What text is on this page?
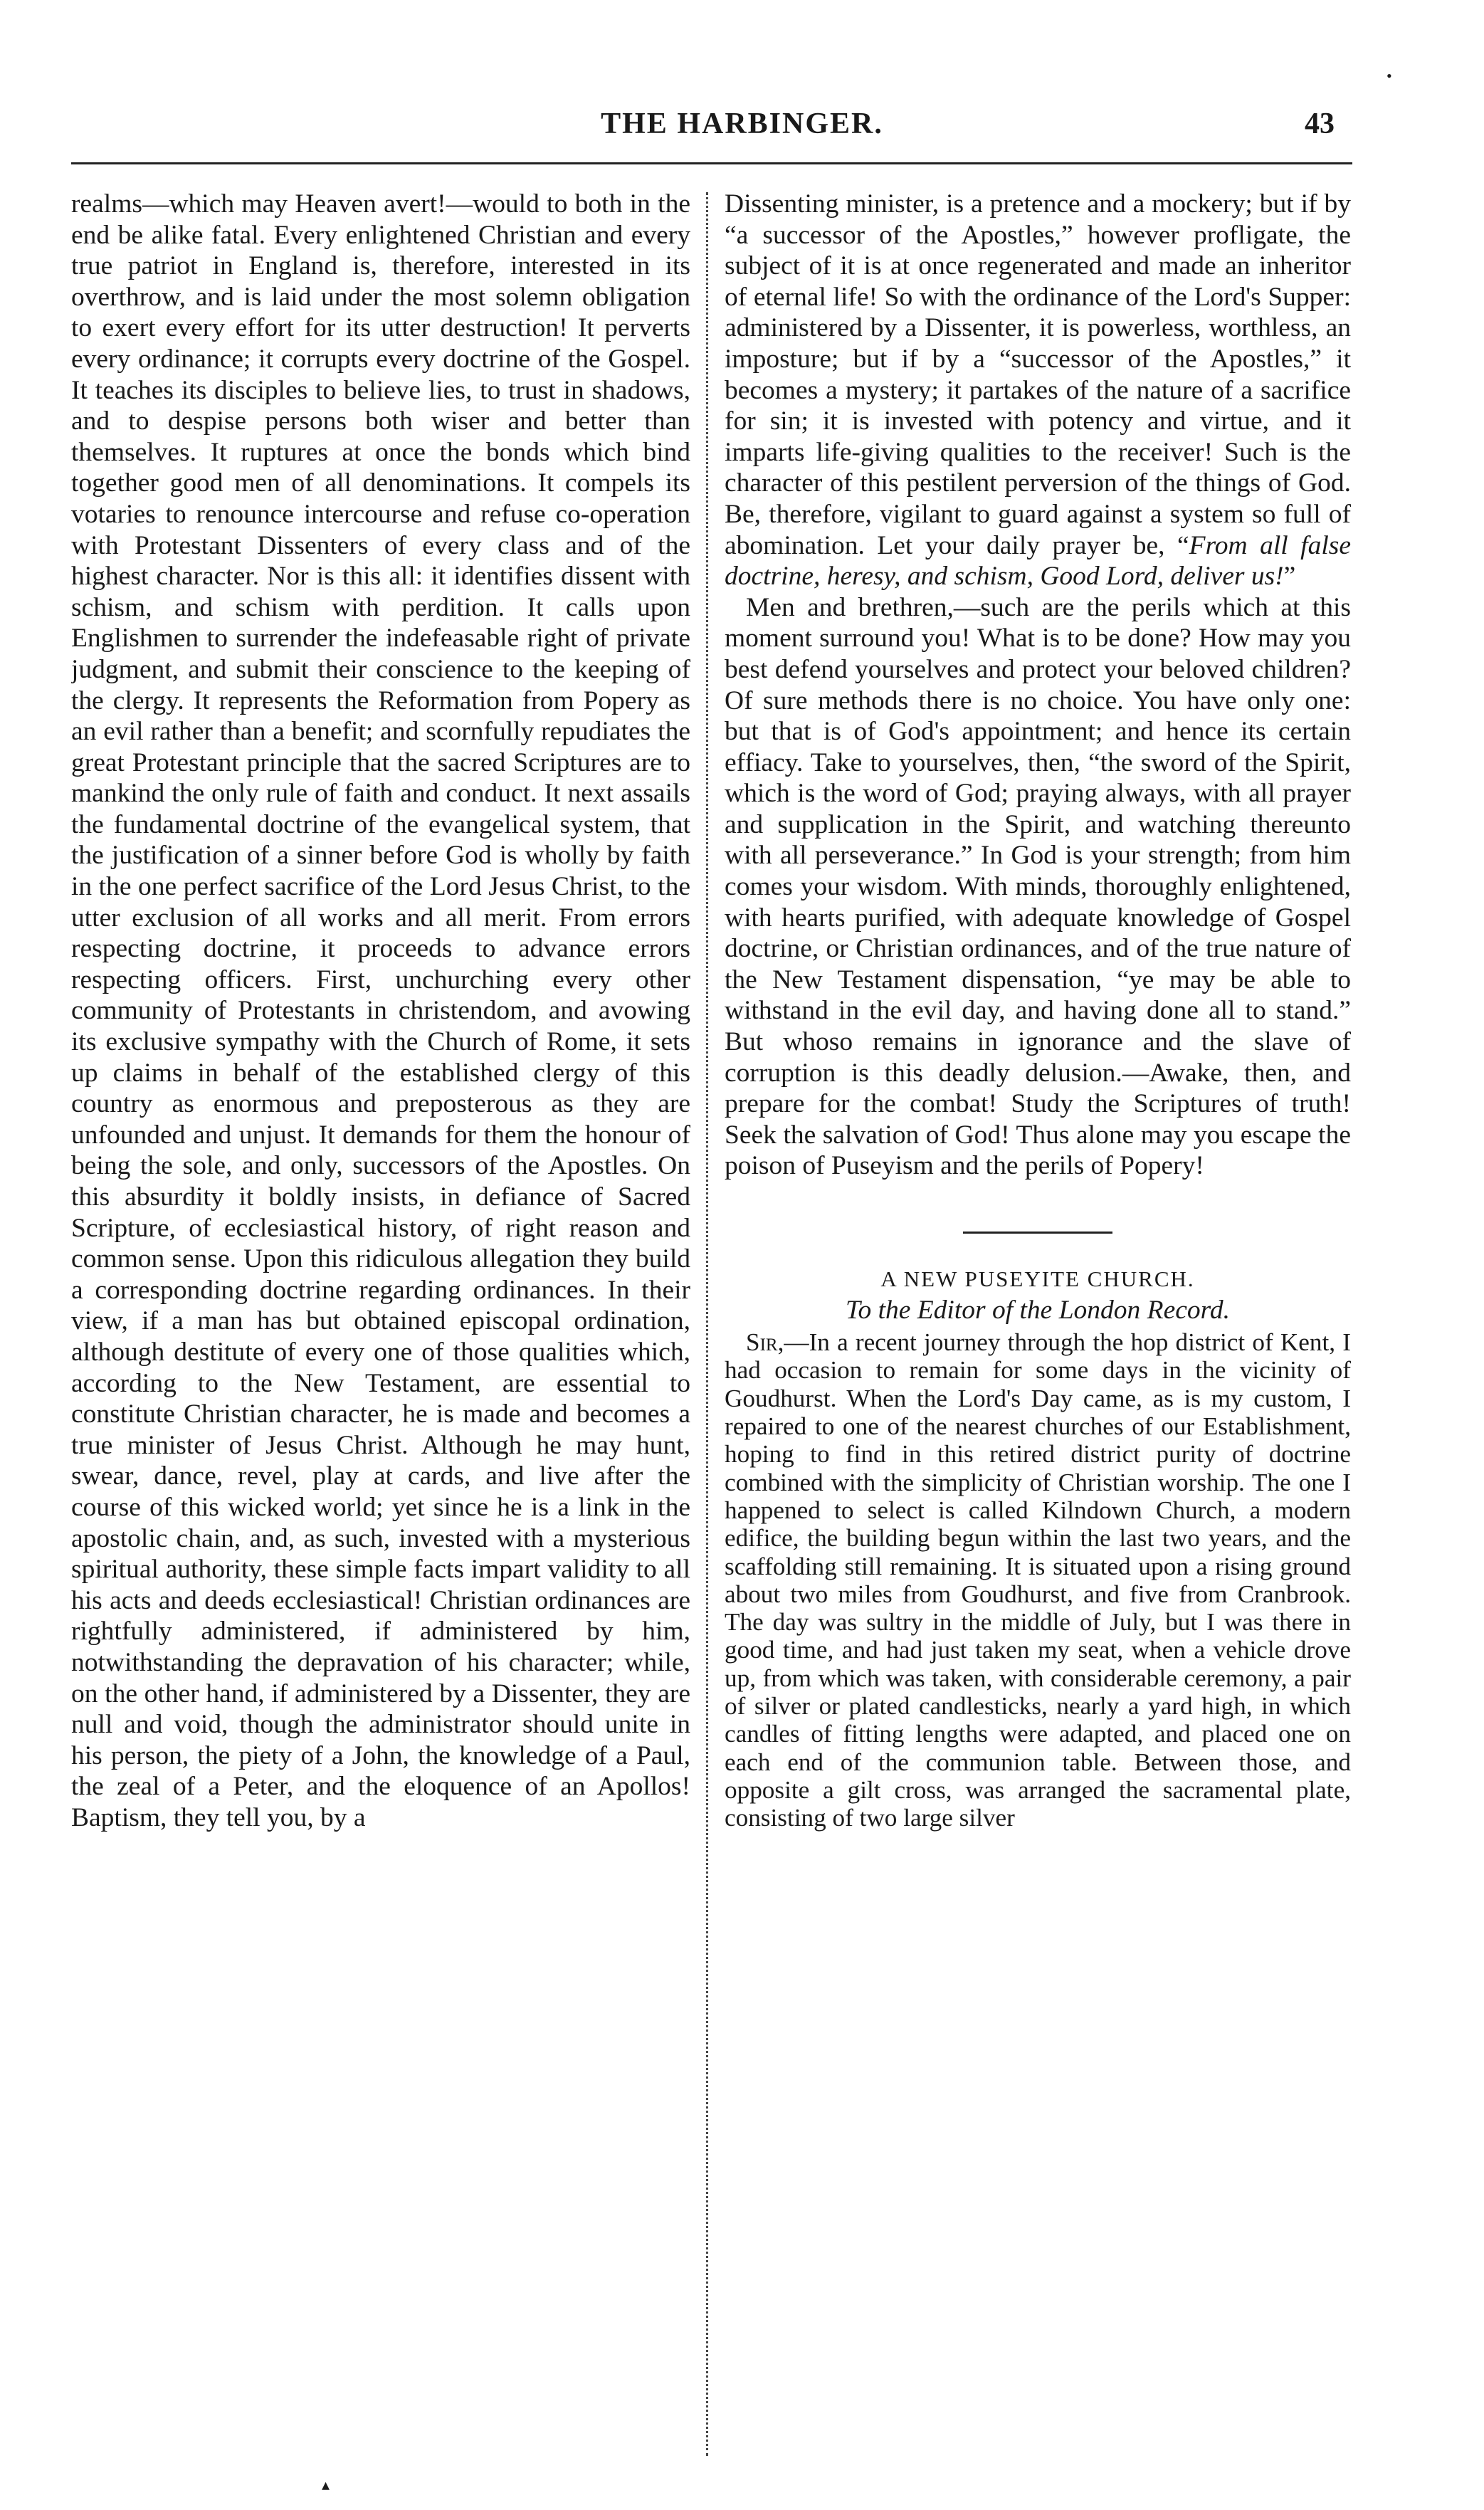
THE HARBINGER.	43

realms—which may Heaven avert!—would to both in the end be alike fatal. Every enlightened Christian and every true patriot in England is, therefore, interested in its overthrow, and is laid under the most solemn obligation to exert every effort for its utter destruction! It perverts every ordinance; it corrupts every doctrine of the Gospel. It teaches its disciples to believe lies, to trust in shadows, and to despise persons both wiser and better than themselves. It ruptures at once the bonds which bind together good men of all denominations. It compels its votaries to renounce intercourse and refuse co-operation with Protestant Dissenters of every class and of the highest character. Nor is this all: it identifies dissent with schism, and schism with perdition. It calls upon Englishmen to surrender the indefeasable right of private judgment, and submit their conscience to the keeping of the clergy. It represents the Reformation from Popery as an evil rather than a benefit; and scornfully repudiates the great Protestant principle that the sacred Scriptures are to mankind the only rule of faith and conduct. It next assails the fundamental doctrine of the evangelical system, that the justification of a sinner before God is wholly by faith in the one perfect sacrifice of the Lord Jesus Christ, to the utter exclusion of all works and all merit. From errors respecting doctrine, it proceeds to advance errors respecting officers. First, unchurching every other community of Protestants in christendom, and avowing its exclusive sympathy with the Church of Rome, it sets up claims in behalf of the established clergy of this country as enormous and preposterous as they are unfounded and unjust. It demands for them the honour of being the sole, and only, successors of the Apostles. On this absurdity it boldly insists, in defiance of Sacred Scripture, of ecclesiastical history, of right reason and common sense. Upon this ridiculous allegation they build a corresponding doctrine regarding ordinances. In their view, if a man has but obtained episcopal ordination, although destitute of every one of those qualities which, according to the New Testament, are essential to constitute Christian character, he is made and becomes a true minister of Jesus Christ. Although he may hunt, swear, dance, revel, play at cards, and live after the course of this wicked world; yet since he is a link in the apostolic chain, and, as such, invested with a mysterious spiritual authority, these simple facts impart validity to all his acts and deeds ecclesiastical! Christian ordinances are rightfully administered, if administered by him, notwithstanding the depravation of his character; while, on the other hand, if administered by a Dissenter, they are null and void, though the administrator should unite in his person, the piety of a John, the knowledge of a Paul, the zeal of a Peter, and the eloquence of an Apollos! Baptism, they tell you, by a

Dissenting minister, is a pretence and a mockery; but if by “a successor of the Apostles,” however profligate, the subject of it is at once regenerated and made an inheritor of eternal life! So with the ordinance of the Lord's Supper: administered by a Dissenter, it is powerless, worthless, an imposture; but if by a “successor of the Apostles,” it becomes a mystery; it partakes of the nature of a sacrifice for sin; it is invested with potency and virtue, and it imparts life-giving qualities to the receiver! Such is the character of this pestilent perversion of the things of God. Be, therefore, vigilant to guard against a system so full of abomination. Let your daily prayer be, “From all false doctrine, heresy, and schism, Good Lord, deliver us!”

Men and brethren,—such are the perils which at this moment surround you! What is to be done? How may you best defend yourselves and protect your beloved children? Of sure methods there is no choice. You have only one: but that is of God's appointment; and hence its certain effiacy. Take to yourselves, then, “the sword of the Spirit, which is the word of God; praying always, with all prayer and supplication in the Spirit, and watching thereunto with all perseverance.” In God is your strength; from him comes your wisdom. With minds, thoroughly enlightened, with hearts purified, with adequate knowledge of Gospel doctrine, or Christian ordinances, and of the true nature of the New Testament dispensation, “ye may be able to withstand in the evil day, and having done all to stand.” But whoso remains in ignorance and the slave of corruption is this deadly delusion.—Awake, then, and prepare for the combat! Study the Scriptures of truth! Seek the salvation of God! Thus alone may you escape the poison of Puseyism and the perils of Popery!

A NEW PUSEYITE CHURCH.

To the Editor of the London Record.

Sir,—In a recent journey through the hop district of Kent, I had occasion to remain for some days in the vicinity of Goudhurst. When the Lord's Day came, as is my custom, I repaired to one of the nearest churches of our Establishment, hoping to find in this retired district purity of doctrine combined with the simplicity of Christian worship. The one I happened to select is called Kilndown Church, a modern edifice, the building begun within the last two years, and the scaffolding still remaining. It is situated upon a rising ground about two miles from Goudhurst, and five from Cranbrook. The day was sultry in the middle of July, but I was there in good time, and had just taken my seat, when a vehicle drove up, from which was taken, with considerable ceremony, a pair of silver or plated candlesticks, nearly a yard high, in which candles of fitting lengths were adapted, and placed one on each end of the communion table. Between those, and opposite a gilt cross, was arranged the sacramental plate, consisting of two large silver

•
▴
